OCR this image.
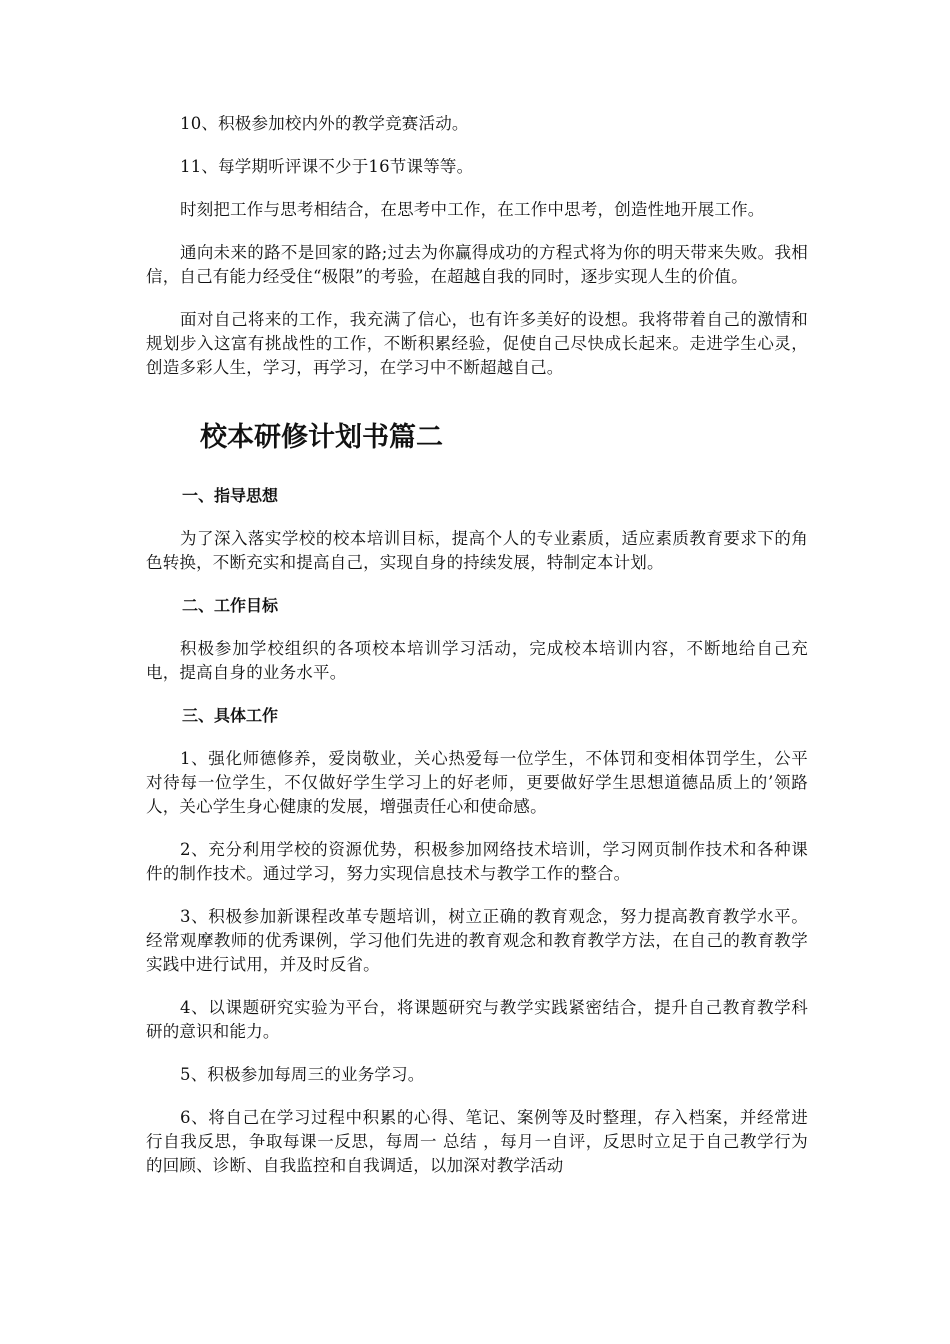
10、积极参加校内外的教学竞赛活动。

11、每学期听评课不少于16节课等等。

时刻把工作与思考相结合，在思考中工作，在工作中思考，创造性地开展工作。

通向未来的路不是回家的路;过去为你赢得成功的方程式将为你的明天带来失败。我相信，自己有能力经受住“极限”的考验，在超越自我的同时，逐步实现人生的价值。

面对自己将来的工作，我充满了信心，也有许多美好的设想。我将带着自己的激情和规划步入这富有挑战性的工作，不断积累经验，促使自己尽快成长起来。走进学生心灵，创造多彩人生，学习，再学习，在学习中不断超越自己。

校本研修计划书篇二
一、指导思想

为了深入落实学校的校本培训目标，提高个人的专业素质，适应素质教育要求下的角色转换，不断充实和提高自己，实现自身的持续发展，特制定本计划。

二、工作目标

积极参加学校组织的各项校本培训学习活动，完成校本培训内容，不断地给自己充电，提高自身的业务水平。

三、具体工作

1、强化师德修养，爱岗敬业，关心热爱每一位学生，不体罚和变相体罚学生，公平对待每一位学生，不仅做好学生学习上的好老师，更要做好学生思想道德品质上的’领路人，关心学生身心健康的发展，增强责任心和使命感。

2、充分利用学校的资源优势，积极参加网络技术培训，学习网页制作技术和各种课件的制作技术。通过学习，努力实现信息技术与教学工作的整合。

3、积极参加新课程改革专题培训，树立正确的教育观念，努力提高教育教学水平。经常观摩教师的优秀课例，学习他们先进的教育观念和教育教学方法，在自己的教育教学实践中进行试用，并及时反省。

4、以课题研究实验为平台，将课题研究与教学实践紧密结合，提升自己教育教学科研的意识和能力。

5、积极参加每周三的业务学习。

6、将自己在学习过程中积累的心得、笔记、案例等及时整理，存入档案，并经常进行自我反思，争取每课一反思，每周一 总结 ，每月一自评，反思时立足于自己教学行为的回顾、诊断、自我监控和自我调适，以加深对教学活动
